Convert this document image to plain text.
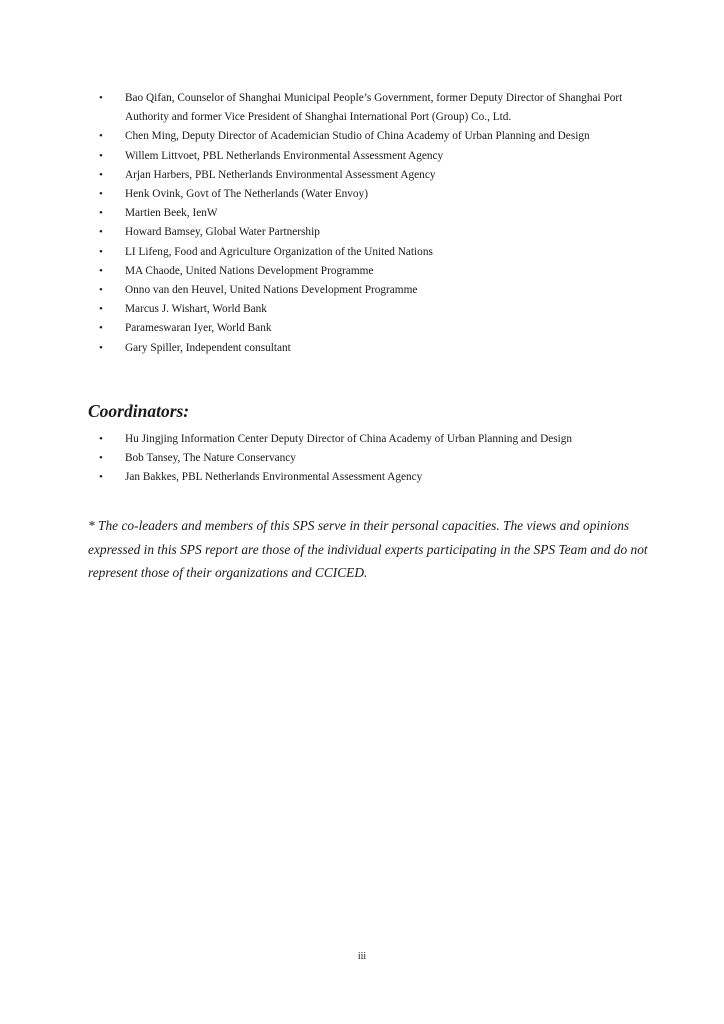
•	Bao Qifan, Counselor of Shanghai Municipal People’s Government, former Deputy Director of Shanghai Port Authority and former Vice President of Shanghai International Port (Group) Co., Ltd.
•	Chen Ming, Deputy Director of Academician Studio of China Academy of Urban Planning and Design
•	Willem Littvoet, PBL Netherlands Environmental Assessment Agency
•	Arjan Harbers, PBL Netherlands Environmental Assessment Agency
•	Henk Ovink, Govt of The Netherlands (Water Envoy)
•	Martien Beek, IenW
•	Howard Bamsey, Global Water Partnership
•	LI Lifeng, Food and Agriculture Organization of the United Nations
•	MA Chaode, United Nations Development Programme
•	Onno van den Heuvel, United Nations Development Programme
•	Marcus J. Wishart, World Bank
•	Parameswaran Iyer, World Bank
•	Gary Spiller, Independent consultant
Coordinators:
•	Hu Jingjing Information Center Deputy Director of China Academy of Urban Planning and Design
•	Bob Tansey, The Nature Conservancy
•	Jan Bakkes, PBL Netherlands Environmental Assessment Agency

* The co-leaders and members of this SPS serve in their personal capacities. The views and opinions expressed in this SPS report are those of the individual experts participating in the SPS Team and do not represent those of their organizations and CCICED.

iii
